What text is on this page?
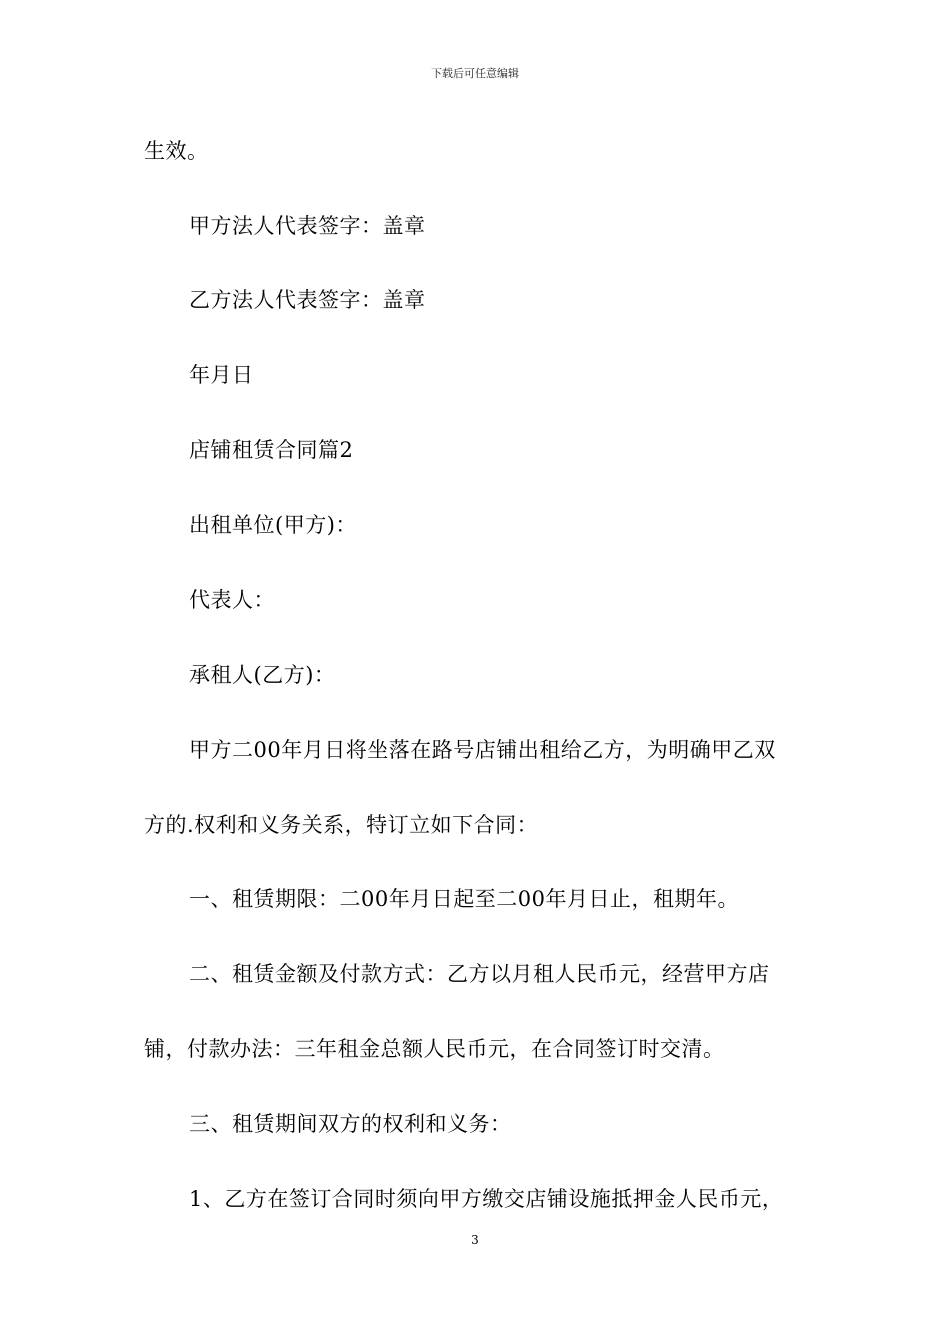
下载后可任意编辑
生效。
甲方法人代表签字：盖章
乙方法人代表签字：盖章
年月日
店铺租赁合同篇2
出租单位(甲方)：
代表人：
承租人(乙方)：
甲方二00年月日将坐落在路号店铺出租给乙方，为明确甲乙双
方的.权利和义务关系，特订立如下合同：
一、租赁期限：二00年月日起至二00年月日止，租期年。
二、租赁金额及付款方式：乙方以月租人民币元，经营甲方店
铺，付款办法：三年租金总额人民币元，在合同签订时交清。
三、租赁期间双方的权利和义务：
1、乙方在签订合同时须向甲方缴交店铺设施抵押金人民币元，
3
